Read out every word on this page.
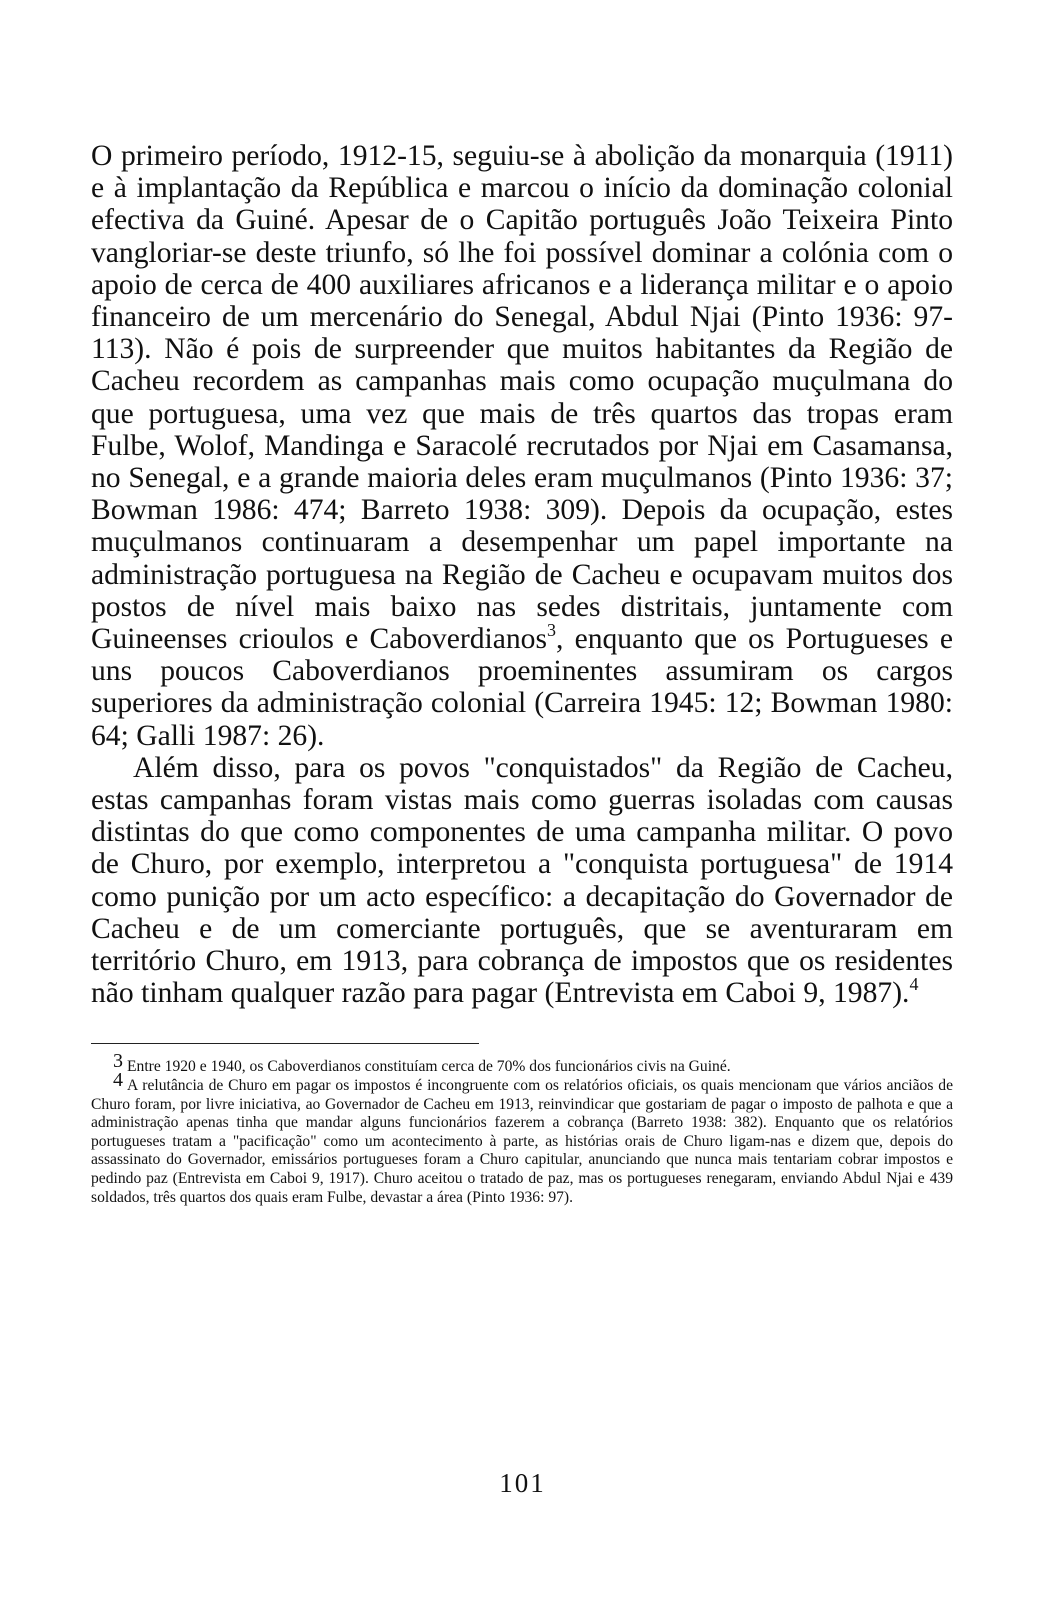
O primeiro período, 1912-15, seguiu-se à abolição da monarquia (1911) e à implantação da República e marcou o início da dominação colonial efectiva da Guiné. Apesar de o Capitão português João Teixeira Pinto vangloriar-se deste triunfo, só lhe foi possível dominar a colónia com o apoio de cerca de 400 auxiliares africanos e a liderança militar e o apoio financeiro de um mercenário do Senegal, Abdul Njai (Pinto 1936: 97-113). Não é pois de surpreender que muitos habitantes da Região de Cacheu recordem as campanhas mais como ocupação muçulmana do que portuguesa, uma vez que mais de três quartos das tropas eram Fulbe, Wolof, Mandinga e Saracolé recrutados por Njai em Casamansa, no Senegal, e a grande maioria deles eram muçulmanos (Pinto 1936: 37; Bowman 1986: 474; Barreto 1938: 309). Depois da ocupação, estes muçulmanos continuaram a desempenhar um papel importante na administração portuguesa na Região de Cacheu e ocupavam muitos dos postos de nível mais baixo nas sedes distritais, juntamente com Guineenses crioulos e Caboverdianos$^3$, enquanto que os Portugueses e uns poucos Caboverdianos proeminentes assumiram os cargos superiores da administração colonial (Carreira 1945: 12; Bowman 1980: 64; Galli 1987: 26).

Além disso, para os povos "conquistados" da Região de Cacheu, estas campanhas foram vistas mais como guerras isoladas com causas distintas do que como componentes de uma campanha militar. O povo de Churo, por exemplo, interpretou a "conquista portuguesa" de 1914 como punição por um acto específico: a decapitação do Governador de Cacheu e de um comerciante português, que se aventuraram em território Churo, em 1913, para cobrança de impostos que os residentes não tinham qualquer razão para pagar (Entrevista em Caboi 9, 1987).$^4$

3 Entre 1920 e 1940, os Caboverdianos constituíam cerca de 70% dos funcionários civis na Guiné.

4 A relutância de Churo em pagar os impostos é incongruente com os relatórios oficiais, os quais mencionam que vários anciãos de Churo foram, por livre iniciativa, ao Governador de Cacheu em 1913, reinvindicar que gostariam de pagar o imposto de palhota e que a administração apenas tinha que mandar alguns funcionários fazerem a cobrança (Barreto 1938: 382). Enquanto que os relatórios portugueses tratam a "pacificação" como um acontecimento à parte, as histórias orais de Churo ligam-nas e dizem que, depois do assassinato do Governador, emissários portugueses foram a Churo capitular, anunciando que nunca mais tentariam cobrar impostos e pedindo paz (Entrevista em Caboi 9, 1917). Churo aceitou o tratado de paz, mas os portugueses renegaram, enviando Abdul Njai e 439 soldados, três quartos dos quais eram Fulbe, devastar a área (Pinto 1936: 97).

101
